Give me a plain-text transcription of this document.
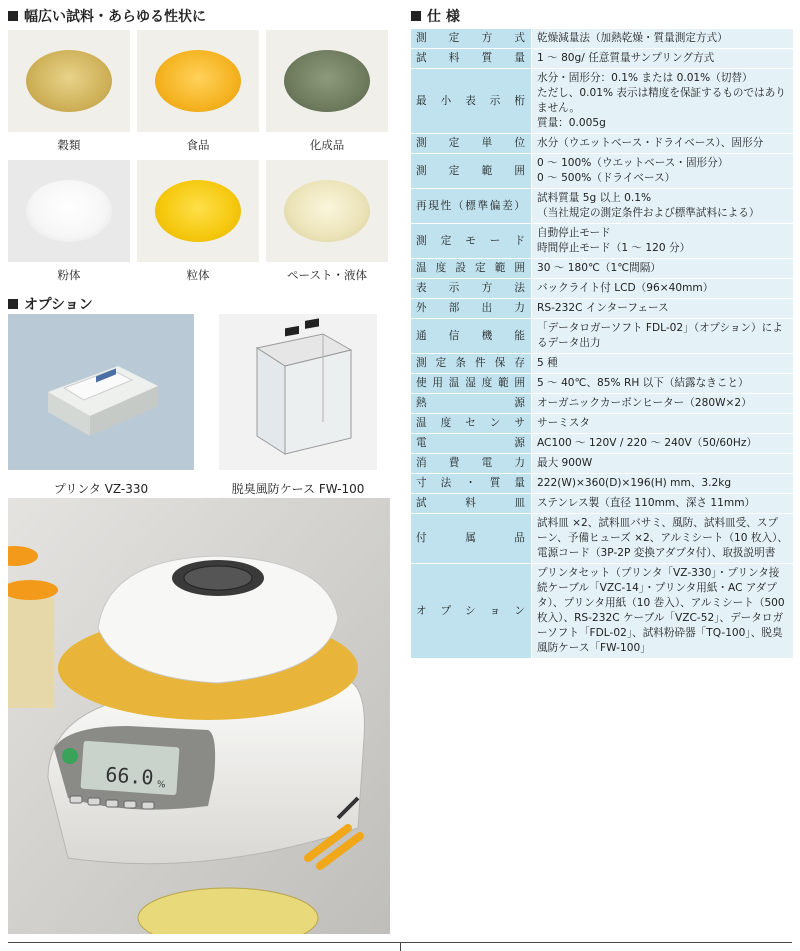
幅広い試料・あらゆる性状に
穀類	食品	化成品
粉体	粒体	ペースト・液体
オプション
プリンタ VZ-330	脱臭風防ケース FW-100
66.0 %
仕 様
測定方式	乾燥減量法（加熱乾燥・質量測定方式）

試料質量	1 ～ 80g/ 任意質量サンプリング方式

最小表示桁	水分・固形分：0.1% または 0.01%（切替）
ただし、0.01% 表示は精度を保証するものではありません。
質量：0.005g

測定単位	水分（ウエットベース・ドライベース）、固形分

測定範囲	0 ～ 100%（ウエットベース・固形分）
0 ～ 500%（ドライベース）

再現性（標準偏差）	試料質量 5g 以上 0.1%
（当社規定の測定条件および標準試料による）

測定モード	自動停止モード
時間停止モード（1 ～ 120 分）

温度設定範囲	30 ～ 180℃（1℃間隔）

表示方法	バックライト付 LCD（96×40mm）

外部出力	RS-232C インターフェース

通信機能	「データロガーソフト FDL-02」（オプション）によるデータ出力

測定条件保存	5 種

使用温湿度範囲	5 ～ 40℃、85% RH 以下（結露なきこと）

熱源	オーガニックカーボンヒーター（280W×2）

温度センサ	サーミスタ

電源	AC100 ～ 120V / 220 ～ 240V（50/60Hz）

消費電力	最大 900W

寸法・質量	222(W)×360(D)×196(H) mm、3.2kg

試料皿	ステンレス製（直径 110mm、深さ 11mm）

付属品	試料皿 ×2、試料皿バサミ、風防、試料皿受、スプーン、予備ヒューズ ×2、アルミシート（10 枚入）、電源コード（3P-2P 変換アダプタ付）、取扱説明書

オプション	プリンタセット（プリンタ「VZ-330」・プリンタ接続ケーブル「VZC-14」・プリンタ用紙・AC アダプタ）、プリンタ用紙（10 巻入）、アルミシート（500 枚入）、RS-232C ケーブル「VZC-52」、データロガーソフト「FDL-02」、試料粉砕器「TQ-100」、脱臭風防ケース「FW-100」
